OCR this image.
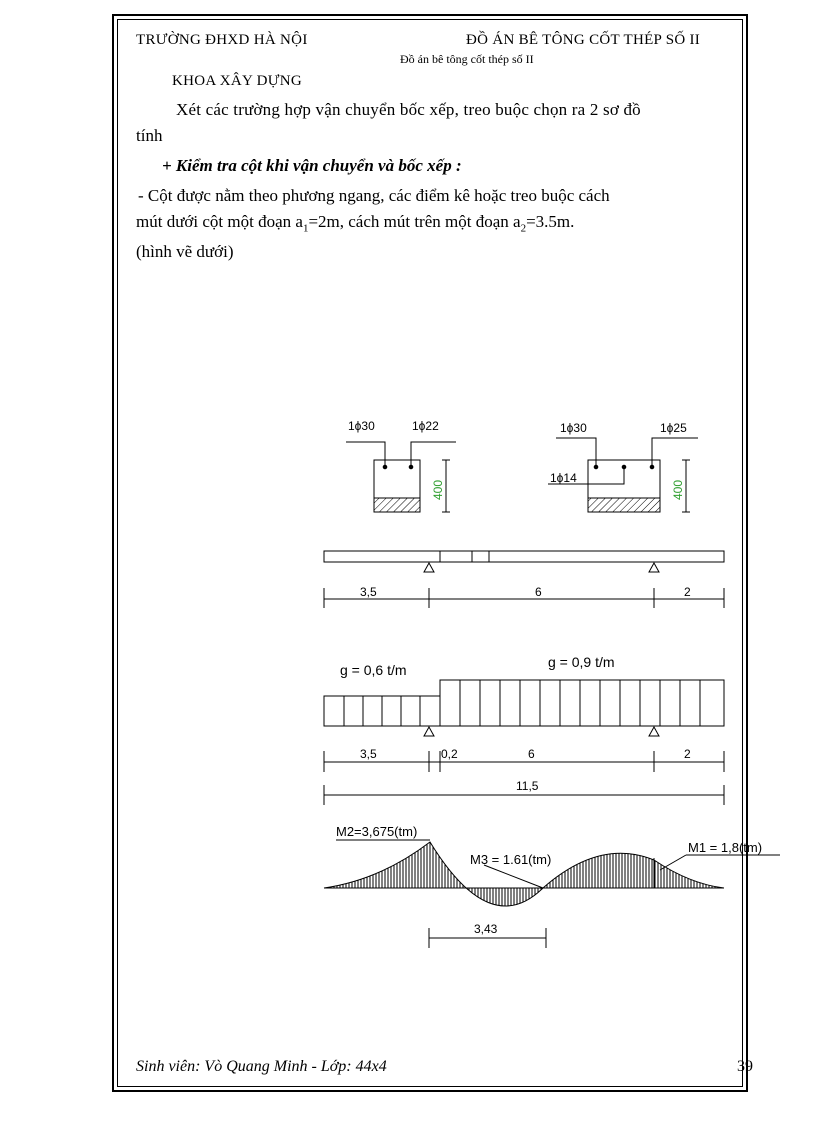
TRƯỜNG ĐHXD HÀ NỘI	ĐỒ ÁN BÊ TÔNG CỐT THÉP SỐ II
Đồ án bê tông cốt thép số II
KHOA XÂY DỰNG
Xét các trường hợp vận chuyển bốc xếp, treo buộc chọn ra 2 sơ đồ
tính
+ Kiểm tra cột khi vận chuyển và bốc xếp :
- Cột được nằm theo phương ngang, các điểm kê hoặc treo buộc cách
mút dưới cột một đoạn $a_1=2m$, cách mút trên một đoạn $a_2=3.5m$.
(hình vẽ dưới)
1ϕ30	1ϕ22
400
1ϕ30	1ϕ25
1ϕ14
400
3,5	6	2
g = 0,6 t/m	g = 0,9 t/m
3,5	0,2	6	2
11,5
M2=3,675(tm)
M3 = 1.61(tm)
M1 = 1,8(tm)
3,43
Sinh viên: Vò Quang Minh - Lớp: 44x4	39
